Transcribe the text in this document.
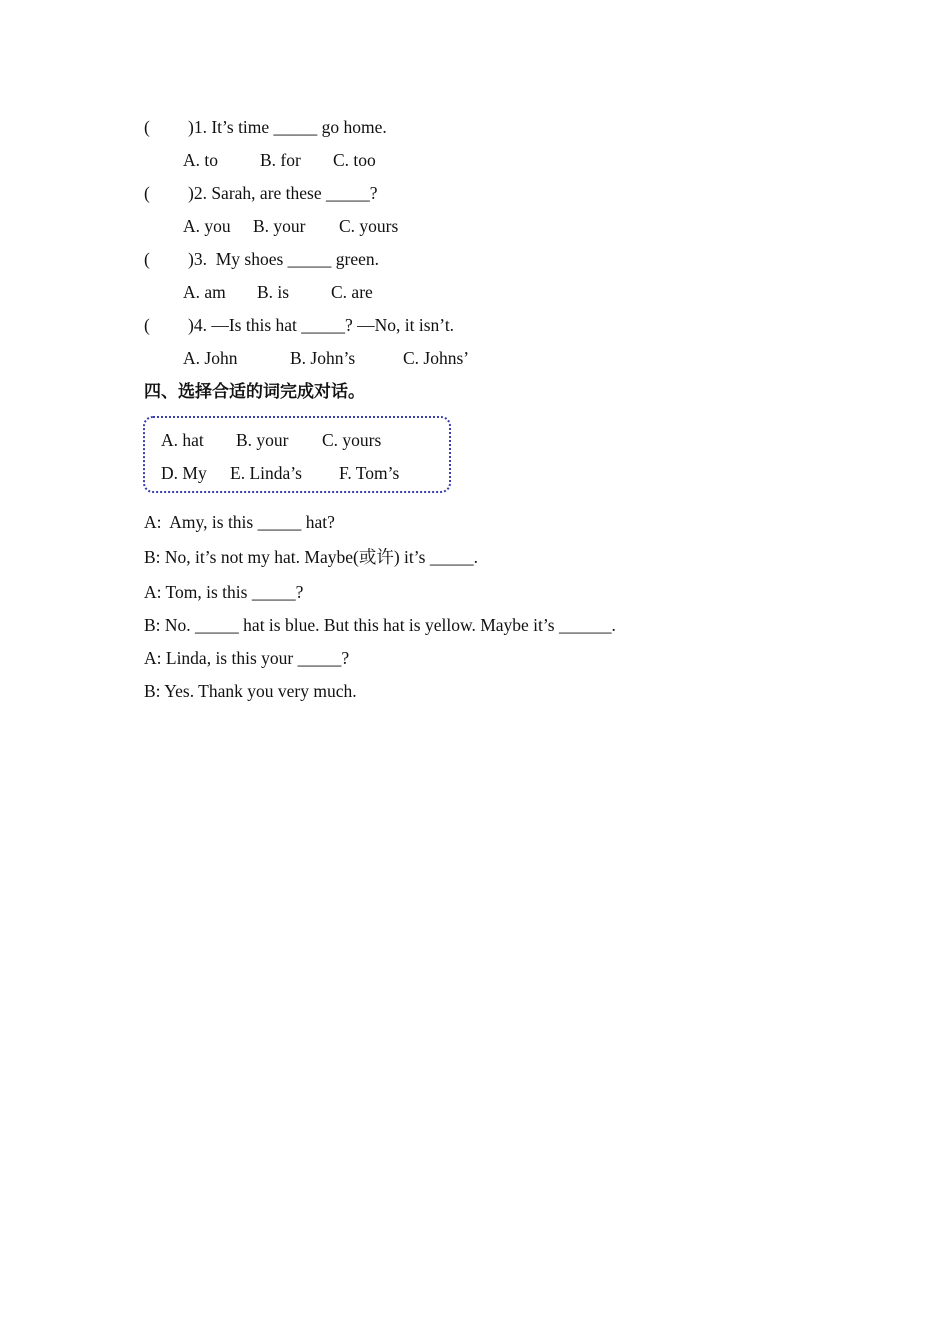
( )1. It’s time _____ go home.
A. to B. for C. too
( )2. Sarah, are these _____?
A. you B. your C. yours
( )3.  My shoes _____ green.
A. am B. is C. are
( )4. —Is this hat _____? —No, it isn’t.
A. John	B. John’s	C. Johns’
四、选择合适的词完成对话。
A. hat B. your C. yours
D. My E. Linda’s F. Tom’s
A:  Amy, is this _____ hat?
B: No, it’s not my hat. Maybe(或许) it’s _____.
A: Tom, is this _____?
B: No. _____ hat is blue. But this hat is yellow. Maybe it’s ______.
A: Linda, is this your _____?
B: Yes. Thank you very much.
